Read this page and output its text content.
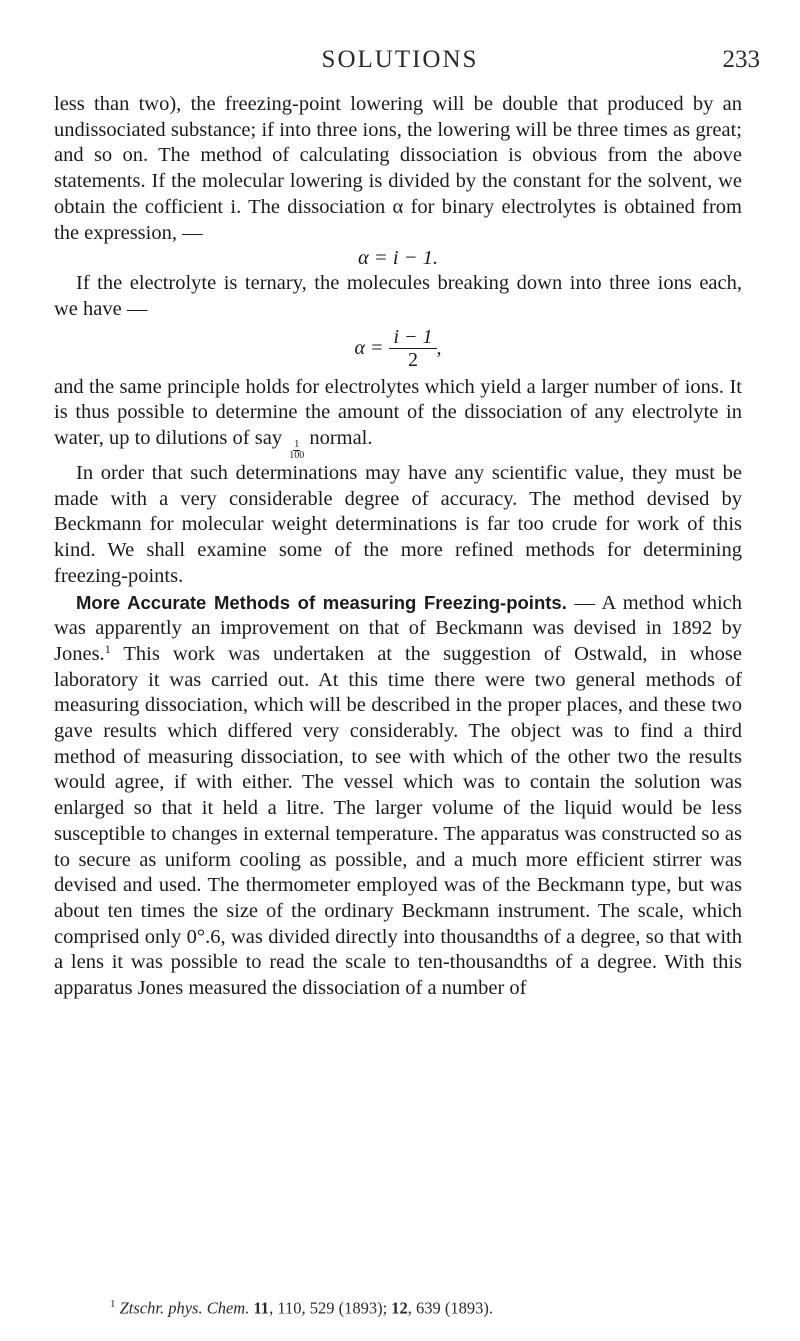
SOLUTIONS	233

less than two), the freezing-point lowering will be double that produced by an undissociated substance; if into three ions, the lowering will be three times as great; and so on. The method of calculating dissociation is obvious from the above statements. If the molecular lowering is divided by the constant for the solvent, we obtain the cofficient i. The dissociation α for binary electrolytes is obtained from the expression, —

α = i − 1.

If the electrolyte is ternary, the molecules breaking down into three ions each, we have —

$\alpha = \frac{i - 1}{2}$ ,

and the same principle holds for electrolytes which yield a larger number of ions. It is thus possible to determine the amount of the dissociation of any electrolyte in water, up to dilutions of say
$\frac{1}{100}$
normal.

In order that such determinations may have any scientific value, they must be made with a very considerable degree of accuracy. The method devised by Beckmann for molecular weight determinations is far too crude for work of this kind. We shall examine some of the more refined methods for determining freezing-points.

More Accurate Methods of measuring Freezing-points. — A method which was apparently an improvement on that of Beckmann was devised in 1892 by Jones.$^1$ This work was undertaken at the suggestion of Ostwald, in whose laboratory it was carried out. At this time there were two general methods of measuring dissociation, which will be described in the proper places, and these two gave results which differed very considerably. The object was to find a third method of measuring dissociation, to see with which of the other two the results would agree, if with either. The vessel which was to contain the solution was enlarged so that it held a litre. The larger volume of the liquid would be less susceptible to changes in external temperature. The apparatus was constructed so as to secure as uniform cooling as possible, and a much more efficient stirrer was devised and used. The thermometer employed was of the Beckmann type, but was about ten times the size of the ordinary Beckmann instrument. The scale, which comprised only 0°.6, was divided directly into thousandths of a degree, so that with a lens it was possible to read the scale to ten-thousandths of a degree. With this apparatus Jones measured the dissociation of a number of

$^1$ Ztschr. phys. Chem. 11, 110, 529 (1893); 12, 639 (1893).
